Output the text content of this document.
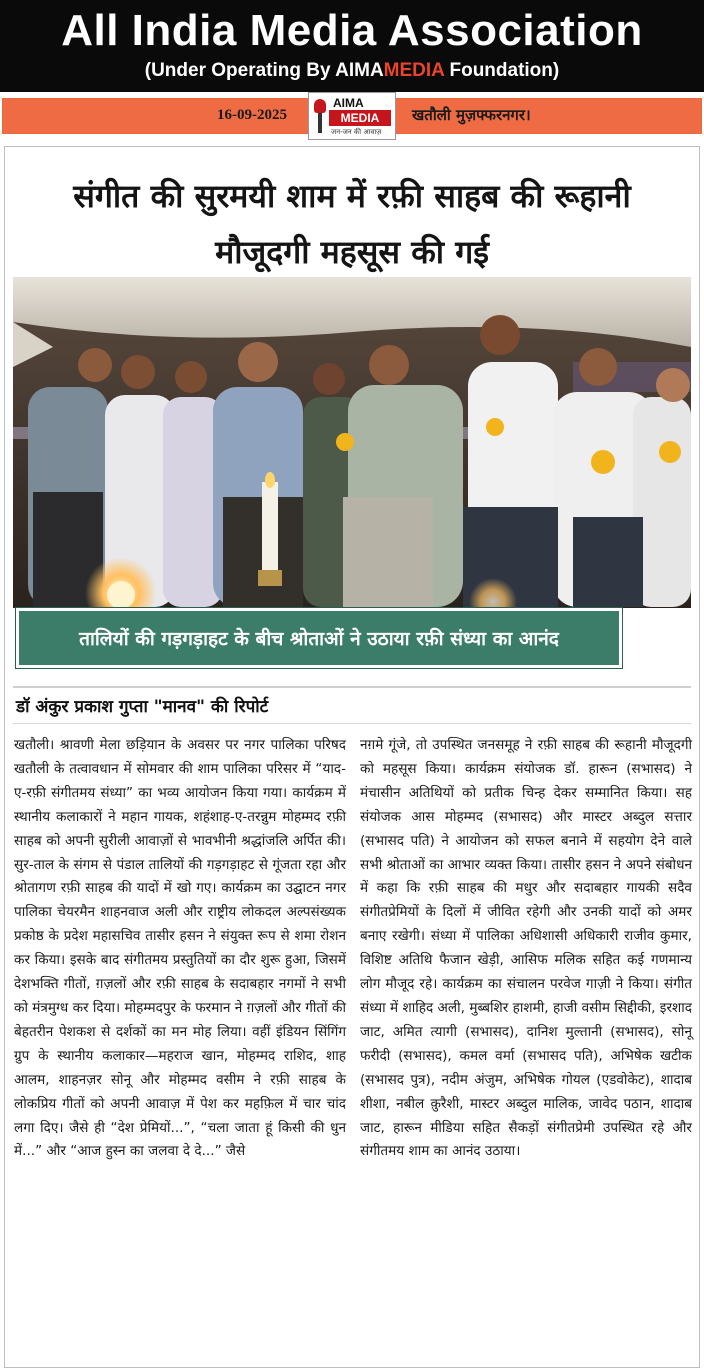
All India Media Association
(Under Operating By AIMAMEDIA Foundation)
16-09-2025	खतौली मुज़फ्फरनगर।
AIMA
MEDIA
जन-जन की आवाज़
संगीत की सुरमयी शाम में रफ़ी साहब की रूहानी
मौजूदगी महसूस की गई
तालियों की गड़गड़ाहट के बीच श्रोताओं ने उठाया रफ़ी संध्या का आनंद
डॉ अंकुर प्रकाश गुप्ता "मानव" की रिपोर्ट

खतौली। श्रावणी मेला छड़ियान के अवसर पर नगर पालिका परिषद खतौली के तत्वावधान में सोमवार की शाम पालिका परिसर में “याद-ए-रफ़ी संगीतमय संध्या” का भव्य आयोजन किया गया। कार्यक्रम में स्थानीय कलाकारों ने महान गायक, शहंशाह-ए-तरन्नुम मोहम्मद रफ़ी साहब को अपनी सुरीली आवाज़ों से भावभीनी श्रद्धांजलि अर्पित की। सुर-ताल के संगम से पंडाल तालियों की गड़गड़ाहट से गूंजता रहा और श्रोतागण रफ़ी साहब की यादों में खो गए। कार्यक्रम का उद्घाटन नगर पालिका चेयरमैन शाहनवाज अली और राष्ट्रीय लोकदल अल्पसंख्यक प्रकोष्ठ के प्रदेश महासचिव तासीर हसन ने संयुक्त रूप से शमा रोशन कर किया। इसके बाद संगीतमय प्रस्तुतियों का दौर शुरू हुआ, जिसमें देशभक्ति गीतों, ग़ज़लों और रफ़ी साहब के सदाबहार नगमों ने सभी को मंत्रमुग्ध कर दिया। मोहम्मदपुर के फरमान ने ग़ज़लों और गीतों की बेहतरीन पेशकश से दर्शकों का मन मोह लिया। वहीं इंडियन सिंगिंग ग्रुप के स्थानीय कलाकार—महराज खान, मोहम्मद राशिद, शाह आलम, शाहनज़र सोनू और मोहम्मद वसीम ने रफ़ी साहब के लोकप्रिय गीतों को अपनी आवाज़ में पेश कर महफ़िल में चार चांद लगा दिए। जैसे ही “देश प्रेमियों...”, “चला जाता हूं किसी की धुन में...” और “आज हुस्न का जलवा दे दे...” जैसे

नग़मे गूंजे, तो उपस्थित जनसमूह ने रफ़ी साहब की रूहानी मौजूदगी को महसूस किया। कार्यक्रम संयोजक डॉ. हारून (सभासद) ने मंचासीन अतिथियों को प्रतीक चिन्ह देकर सम्मानित किया। सह संयोजक आस मोहम्मद (सभासद) और मास्टर अब्दुल सत्तार (सभासद पति) ने आयोजन को सफल बनाने में सहयोग देने वाले सभी श्रोताओं का आभार व्यक्त किया। तासीर हसन ने अपने संबोधन में कहा कि रफ़ी साहब की मधुर और सदाबहार गायकी सदैव संगीतप्रेमियों के दिलों में जीवित रहेगी और उनकी यादों को अमर बनाए रखेगी। संध्या में पालिका अधिशासी अधिकारी राजीव कुमार, विशिष्ट अतिथि फैजान खेड़ी, आसिफ मलिक सहित कई गणमान्य लोग मौजूद रहे। कार्यक्रम का संचालन परवेज गाज़ी ने किया। संगीत संध्या में शाहिद अली, मुब्बशिर हाशमी, हाजी वसीम सिद्दीकी, इरशाद जाट, अमित त्यागी (सभासद), दानिश मुल्तानी (सभासद), सोनू फरीदी (सभासद), कमल वर्मा (सभासद पति), अभिषेक खटीक (सभासद पुत्र), नदीम अंजुम, अभिषेक गोयल (एडवोकेट), शादाब शीशा, नबील क़ुरैशी, मास्टर अब्दुल मालिक, जावेद पठान, शादाब जाट, हारून मीडिया सहित सैकड़ों संगीतप्रेमी उपस्थित रहे और संगीतमय शाम का आनंद उठाया।
